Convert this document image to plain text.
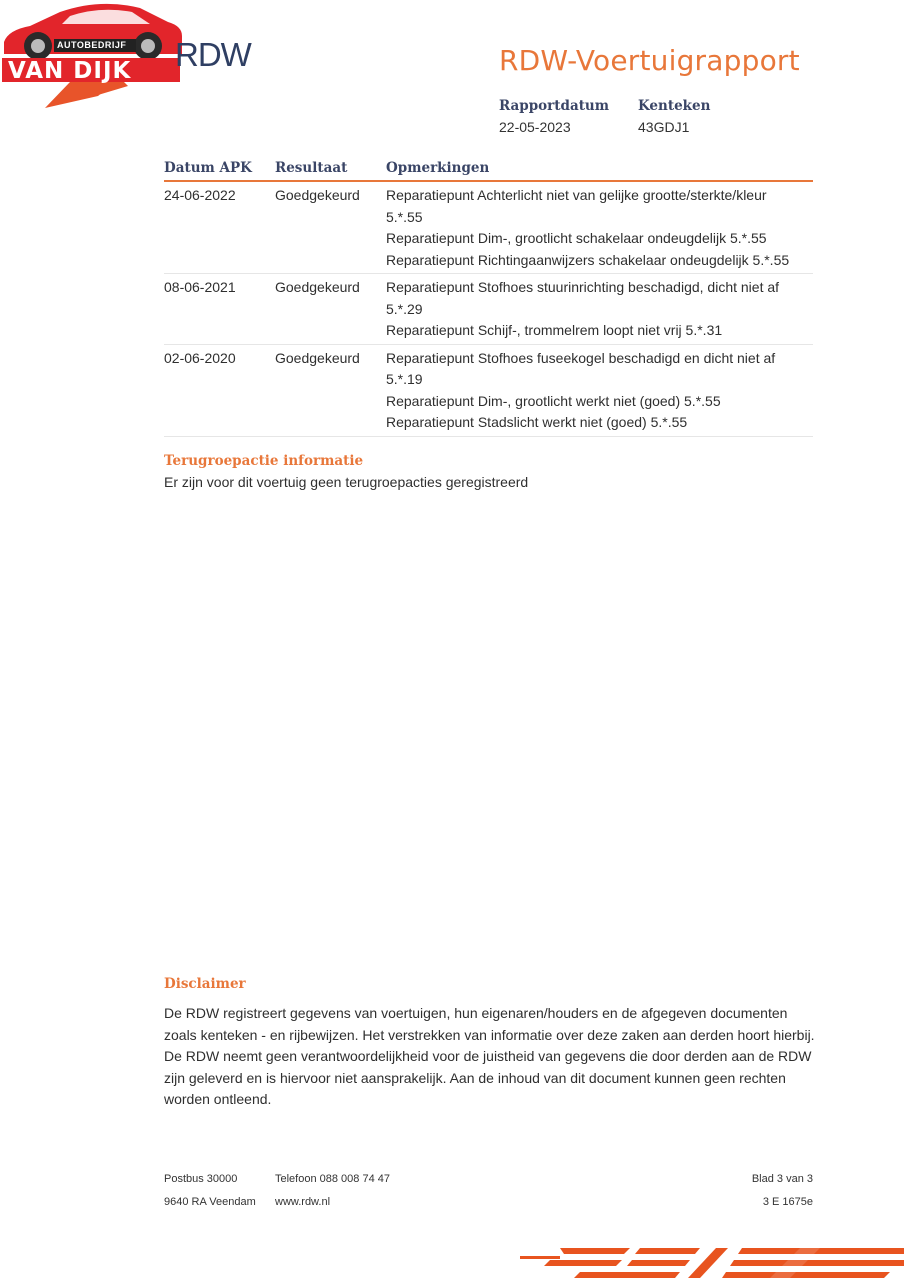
AUTOBEDRIJF
VAN DIJK RDW	RDW-Voertuigrapport
Rapportdatum
22-05-2023
Kenteken
43GDJ1
Datum APK Resultaat	Opmerkingen
24-06-2022	Goedgekeurd Reparatiepunt Achterlicht niet van gelijke grootte/sterkte/kleur 5.*.55
Reparatiepunt Dim-, grootlicht schakelaar ondeugdelijk 5.*.55
Reparatiepunt Richtingaanwijzers schakelaar ondeugdelijk 5.*.55
08-06-2021	Goedgekeurd Reparatiepunt Stofhoes stuurinrichting beschadigd, dicht niet af 5.*.29
Reparatiepunt Schijf-, trommelrem loopt niet vrij 5.*.31
02-06-2020	Goedgekeurd Reparatiepunt Stofhoes fuseekogel beschadigd en dicht niet af 5.*.19
Reparatiepunt Dim-, grootlicht werkt niet (goed) 5.*.55
Reparatiepunt Stadslicht werkt niet (goed) 5.*.55
Terugroepactie informatie
Er zijn voor dit voertuig geen terugroepacties geregistreerd
Disclaimer
De RDW registreert gegevens van voertuigen, hun eigenaren/houders en de afgegeven documenten zoals kenteken - en rijbewijzen. Het verstrekken van informatie over deze zaken aan derden hoort hierbij. De RDW neemt geen verantwoordelijkheid voor de juistheid van gegevens die door derden aan de RDW zijn geleverd en is hiervoor niet aansprakelijk. Aan de inhoud van dit document kunnen geen rechten worden ontleend.
Postbus 30000
9640 RA Veendam
Telefoon 088 008 74 47
www.rdw.nl
Blad 3 van 3
3 E 1675e
